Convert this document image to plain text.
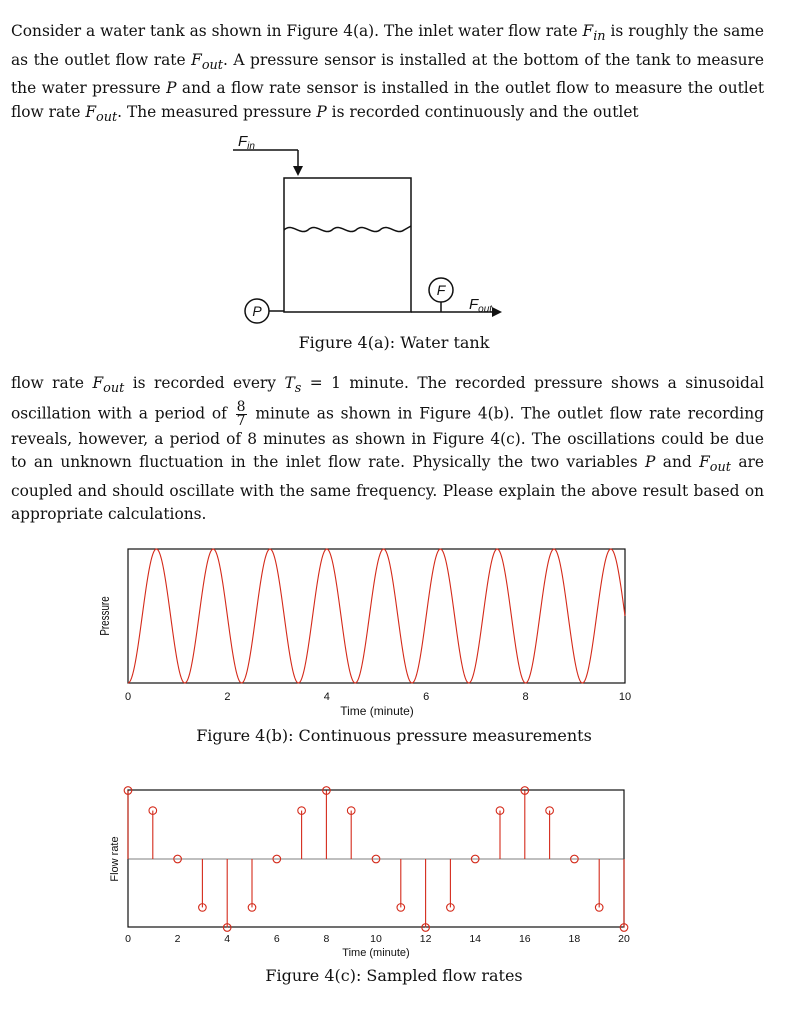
Consider a water tank as shown in Figure 4(a). The inlet water flow rate $F_{in}$ is roughly the same as the outlet flow rate $F_{out}$. A pressure sensor is installed at the bottom of the tank to measure the water pressure P and a flow rate sensor is installed in the outlet flow to measure the outlet flow rate $F_{out}$. The measured pressure P is recorded continuously and the outlet

$F_{in}$
$F_{out}$
P
F
Figure 4(a): Water tank

flow rate $F_{out}$ is recorded every $T_s = 1$ minute. The recorded pressure shows a sinusoidal oscillation with a period of $\frac{8}{7}$ minute as shown in Figure 4(b). The outlet flow rate recording reveals, however, a period of 8 minutes as shown in Figure 4(c). The oscillations could be due to an unknown fluctuation in the inlet flow rate. Physically the two variables P and $F_{out}$ are coupled and should oscillate with the same frequency. Please explain the above result based on appropriate calculations.

0	2	4	6	8	10
Time (minute)
Pressure
Figure 4(b): Continuous pressure measurements
0	2	4	6	8	10	12	14	16	18	20
Time (minute)
Flow rate
Figure 4(c): Sampled flow rates
